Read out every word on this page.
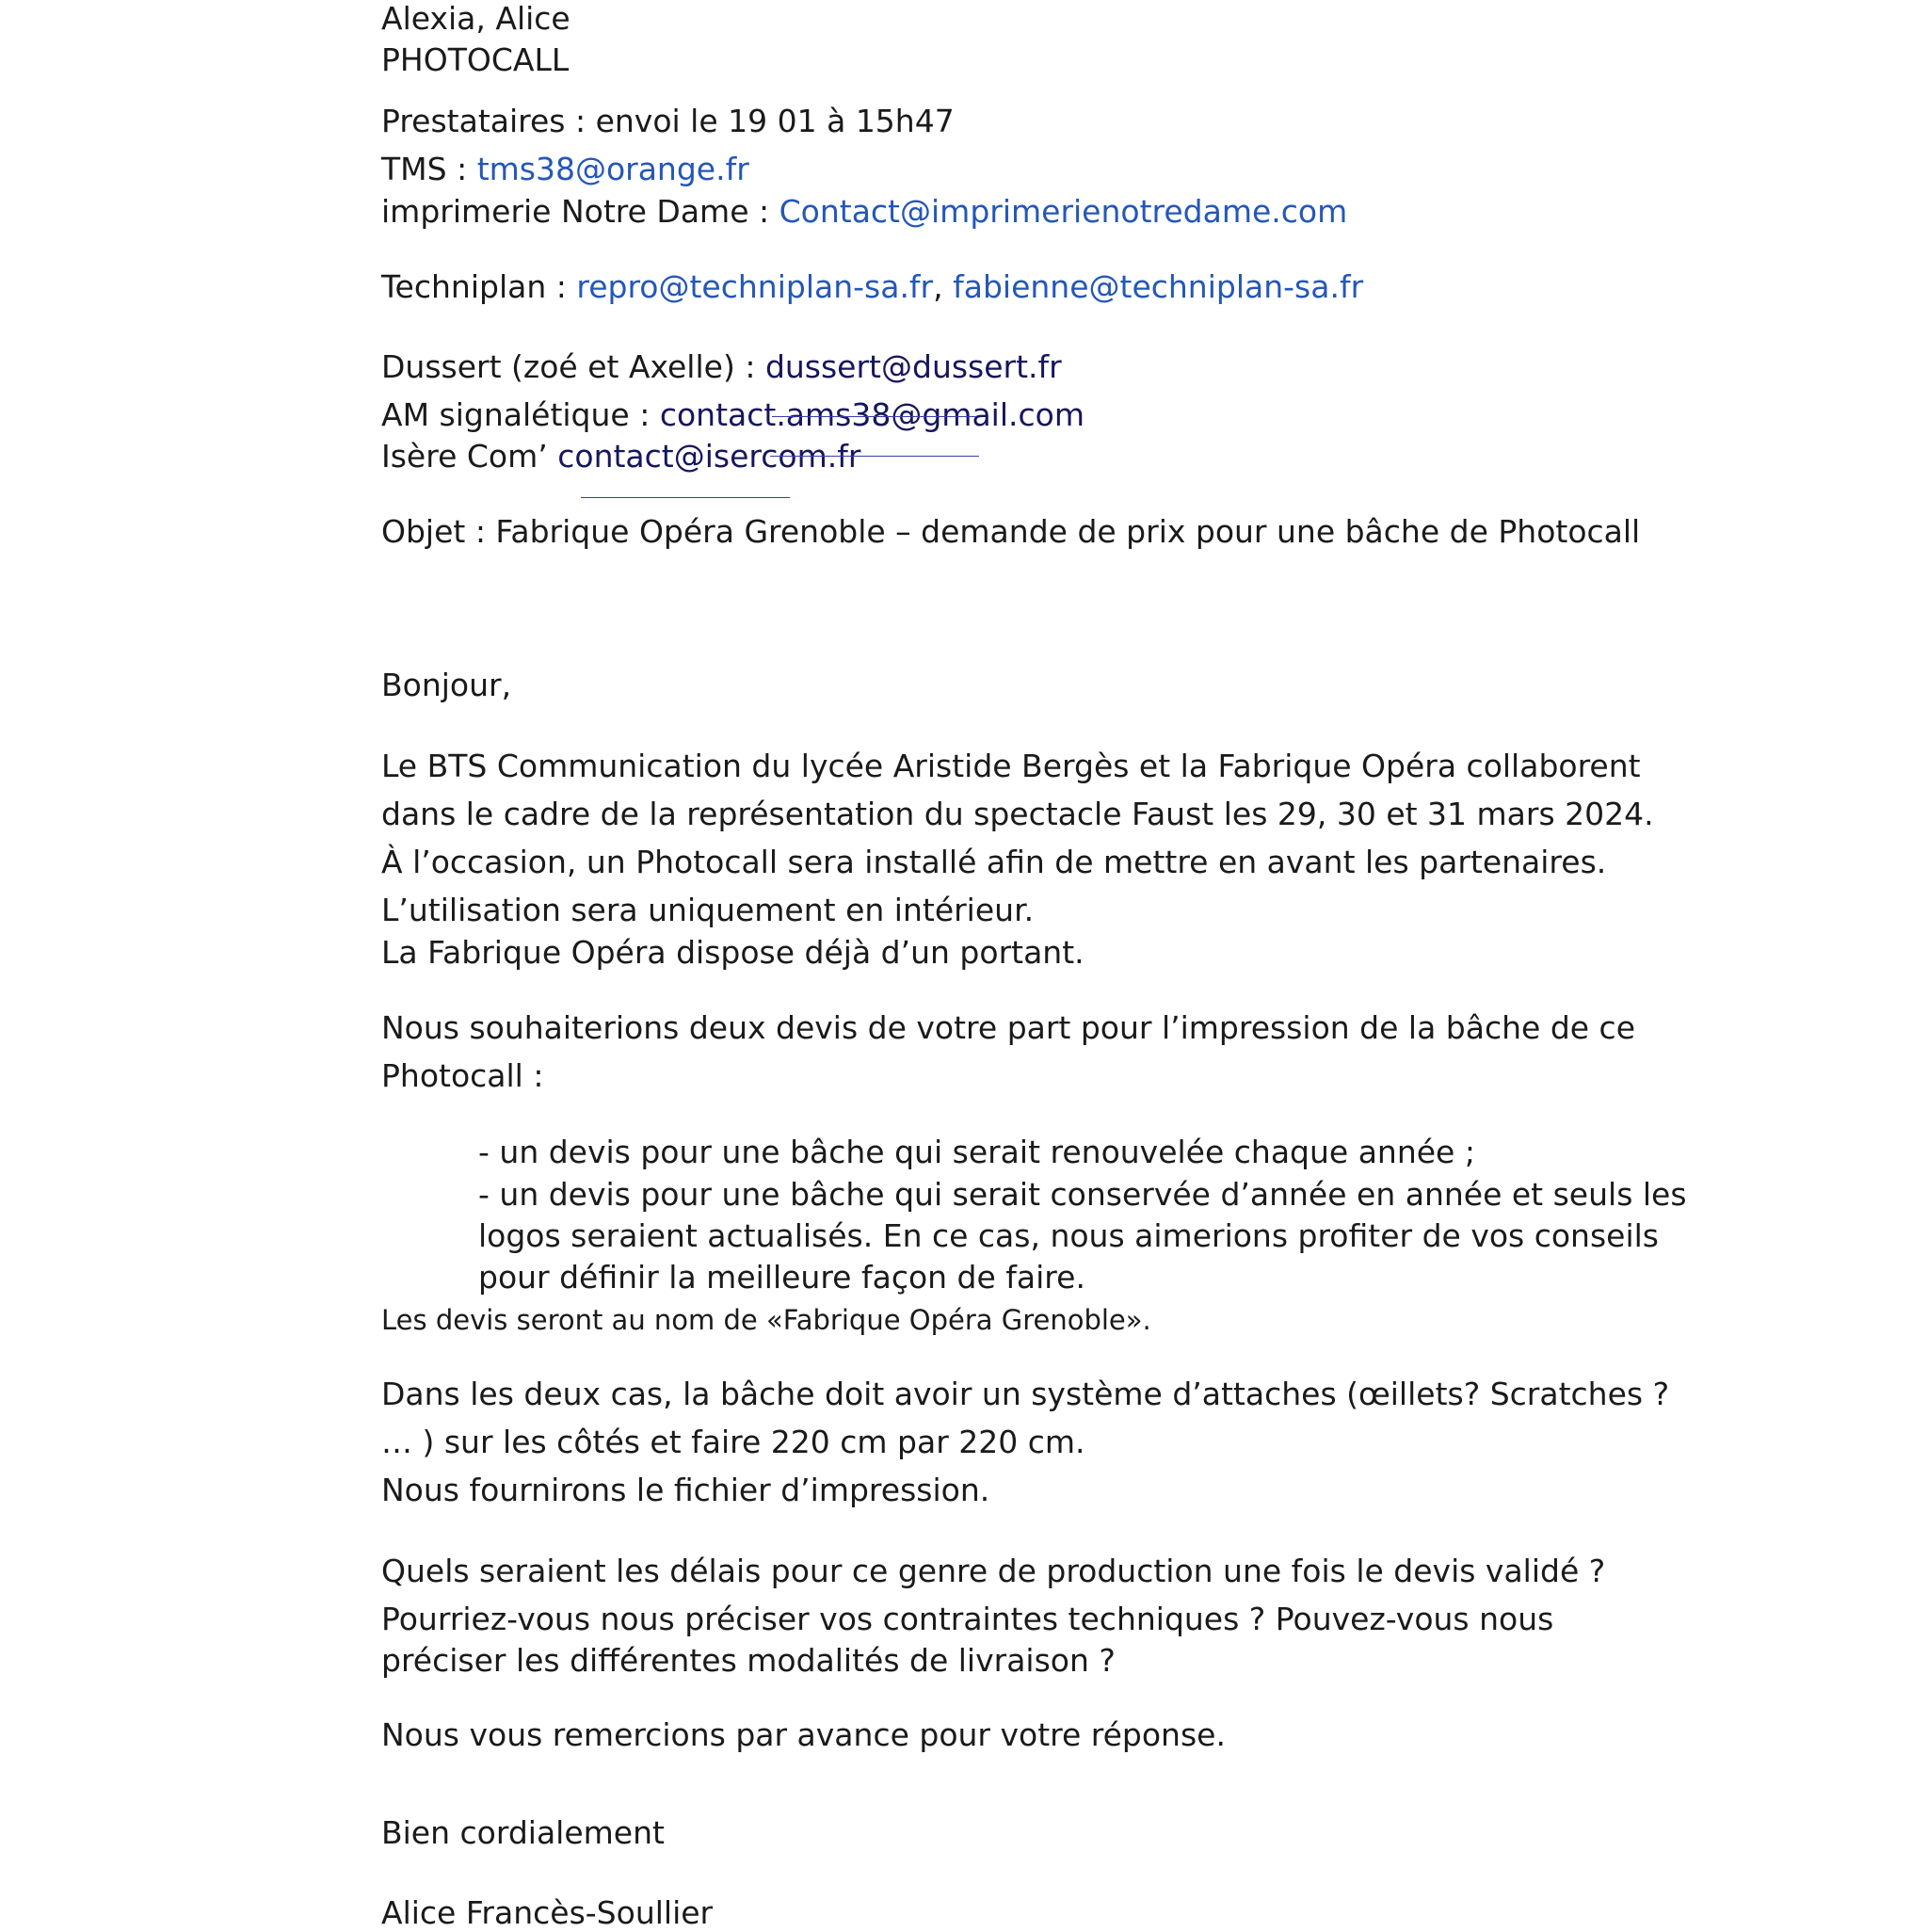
Alexia, Alice

PHOTOCALL

Prestataires : envoi le 19 01 à 15h47

TMS : tms38@orange.fr

imprimerie Notre Dame : Contact@imprimerienotredame.com

Techniplan : repro@techniplan-sa.fr, fabienne@techniplan-sa.fr

Dussert (zoé et Axelle) : dussert@dussert.fr

AM signalétique : contact.ams38@gmail.com

Isère Com’ contact@isercom.fr

Objet : Fabrique Opéra Grenoble – demande de prix pour une bâche de Photocall

Bonjour,

Le BTS Communication du lycée Aristide Bergès et la Fabrique Opéra collaborent

dans le cadre de la représentation du spectacle Faust les 29, 30 et 31 mars 2024.

À l’occasion, un Photocall sera installé afin de mettre en avant les partenaires.

L’utilisation sera uniquement en intérieur.

La Fabrique Opéra dispose déjà d’un portant.

Nous souhaiterions deux devis de votre part pour l’impression de la bâche de ce

Photocall :

- un devis pour une bâche qui serait renouvelée chaque année ;

- un devis pour une bâche qui serait conservée d’année en année et seuls les

logos seraient actualisés. En ce cas, nous aimerions profiter de vos conseils

pour définir la meilleure façon de faire.

Les devis seront au nom de «Fabrique Opéra Grenoble».

Dans les deux cas, la bâche doit avoir un système d’attaches (œillets? Scratches ?

… ) sur les côtés et faire 220 cm par 220 cm.

Nous fournirons le fichier d’impression.

Quels seraient les délais pour ce genre de production une fois le devis validé ?

Pourriez-vous nous préciser vos contraintes techniques ? Pouvez-vous nous

préciser les différentes modalités de livraison ?

Nous vous remercions par avance pour votre réponse.

Bien cordialement

Alice Francès-Soullier
